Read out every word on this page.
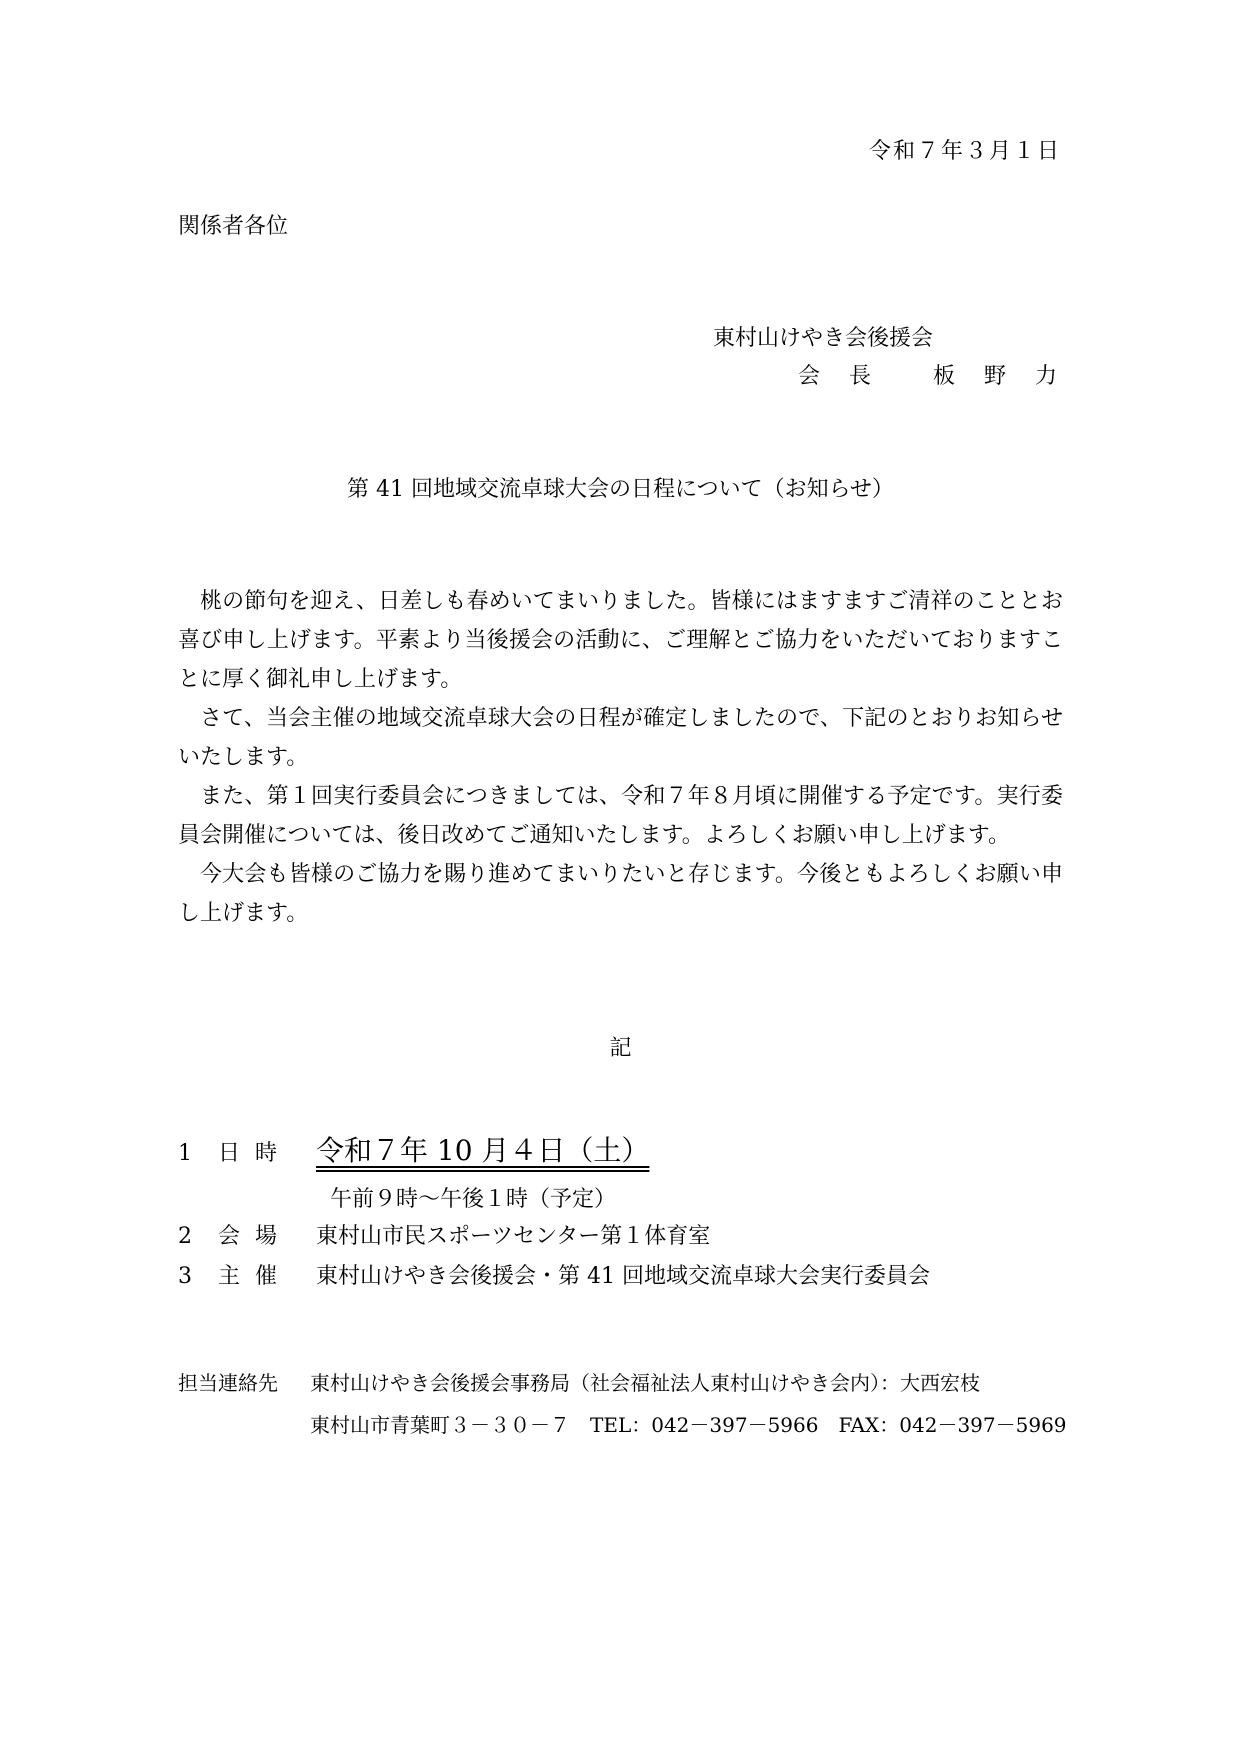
令和７年３月１日
関係者各位
東村山けやき会後援会
会 長　 板 野 力
第 41 回地域交流卓球大会の日程について（お知らせ）

桃の節句を迎え、日差しも春めいてまいりました。皆様にはますますご清祥のこととお喜び申し上げます。平素より当後援会の活動に、ご理解とご協力をいただいておりますことに厚く御礼申し上げます。

さて、当会主催の地域交流卓球大会の日程が確定しましたので、下記のとおりお知らせいたします。

また、第１回実行委員会につきましては、令和７年８月頃に開催する予定です。実行委員会開催については、後日改めてご通知いたします。よろしくお願い申し上げます。

今大会も皆様のご協力を賜り進めてまいりたいと存じます。今後ともよろしくお願い申し上げます。

記
1 日 時 令和７年 10 月４日（土）
午前９時～午後１時（予定）
2 会 場 東村山市民スポーツセンター第１体育室
3 主 催 東村山けやき会後援会・第 41 回地域交流卓球大会実行委員会
担当連絡先 東村山けやき会後援会事務局（社会福祉法人東村山けやき会内）：大西宏枝
東村山市青葉町３－３０－７　TEL：042－397－5966　FAX：042－397－5969
